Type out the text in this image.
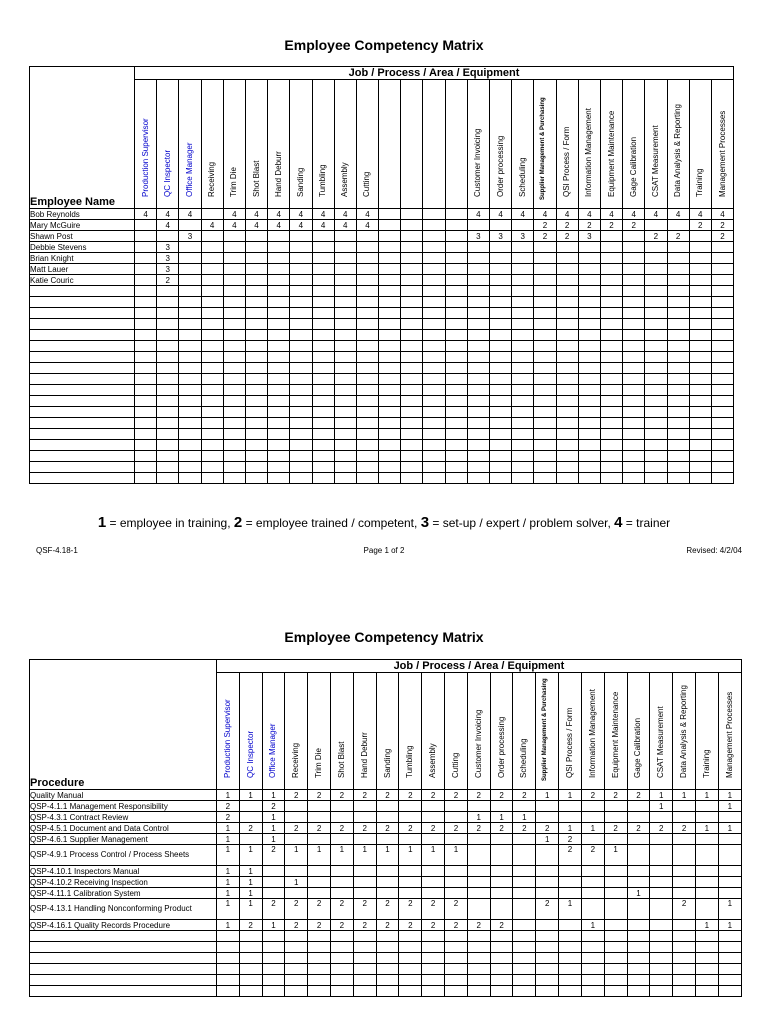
Employee Competency Matrix
Employee Name	Job / Process / Area / Equipment																										

	Production Supervisor	QC Inspector	Office Manager	Receiving	Trim Die	Shot Blast	Hand Deburr	Sanding	Tumbling	Assembly	Cutting					Customer Invoicing	Order processing	Scheduling	Supplier Management & Purchasing	QSI Process / Form	Information Management	Equipment Maintenance	Gage Calibration	CSAT Measurement	Data Analysis & Reporting	Training	Management Processes

Bob Reynolds	4	4	4		4	4	4	4	4	4	4					4	4	4	4	4	4	4	4	4	4	4	4
Mary McGuire		4		4	4	4	4	4	4	4	4								2	2	2	2	2			2	2
Shawn Post			3													3	3	3	2	2	3			2	2		2
Debbie Stevens		3																									
Brian Knight		3																									
Matt Lauer		3																									
Katie Couric		2																									

1 = employee in training, 2 = employee trained / competent, 3 = set-up / expert / problem solver, 4 = trainer
QSF-4.18-1	Page 1 of 2	Revised: 4/2/04
Employee Competency Matrix
Procedure	Job / Process / Area / Equipment																						

	Production Supervisor	QC Inspector	Office Manager	Receiving	Trim Die	Shot Blast	Hand Deburr	Sanding	Tumbling	Assembly	Cutting	Customer Invoicing	Order processing	Scheduling	Supplier Management & Purchasing	QSI Process / Form	Information Management	Equipment Maintenance	Gage Calibration	CSAT Measurement	Data Analysis & Reporting	Training	Management Processes

Quality Manual	1	1	1	2	2	2	2	2	2	2	2	2	2	2	1	1	2	2	2	1	1	1	1
QSP-4.1.1 Management Responsibility	2		2																	1			1
QSP-4.3.1 Contract Review	2		1									1	1	1									
QSP-4.5.1 Document and Data Control	1	2	1	2	2	2	2	2	2	2	2	2	2	2	2	1	1	2	2	2	2	1	1
QSP-4.6.1 Supplier Management	1		1												1	2							
QSP-4.9.1 Process Control / Process Sheets	1	1	2	1	1	1	1	1	1	1	1					2	2	1					
QSP-4.10.1 Inspectors Manual	1	1																					
QSP-4.10.2 Receiving Inspection	1	1		1																			
QSP-4.11.1 Calibration System	1	1																	1				
QSP-4.13.1 Handling Nonconforming Product	1	1	2	2	2	2	2	2	2	2	2				2	1					2		1
QSP-4.16.1 Quality Records Procedure	1	2	1	2	2	2	2	2	2	2	2	2	2				1					1	1
